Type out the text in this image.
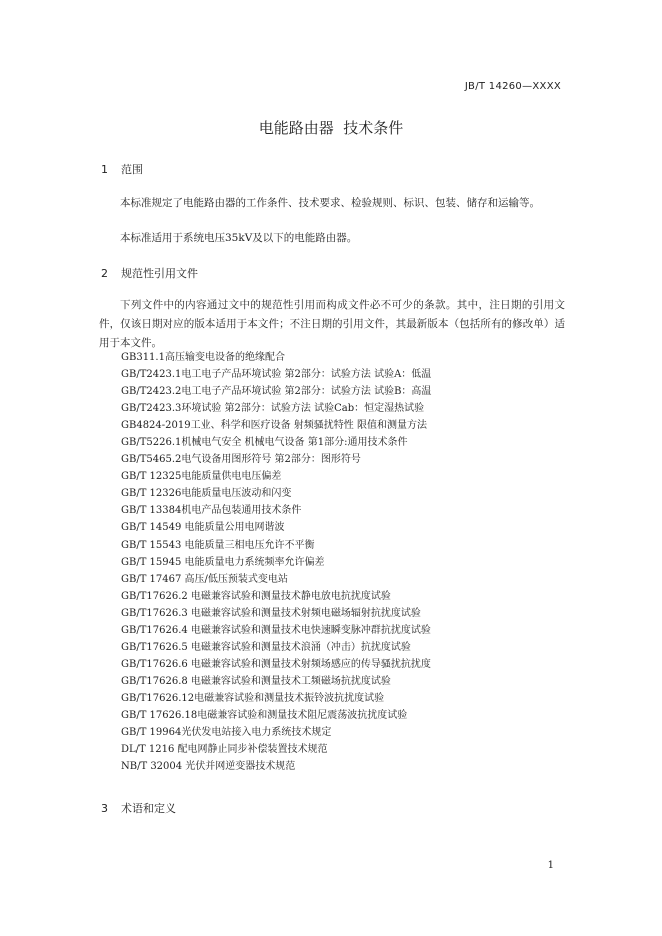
JB/T 14260—XXXX
电能路由器  技术条件
1 范围

本标准规定了电能路由器的工作条件、技术要求、检验规则、标识、包装、储存和运输等。

本标准适用于系统电压35kV及以下的电能路由器。

2 规范性引用文件

下列文件中的内容通过文中的规范性引用而构成文件必不可少的条款。其中，注日期的引用文件，仅该日期对应的版本适用于本文件；不注日期的引用文件，其最新版本（包括所有的修改单）适用于本文件。

GB311.1高压输变电设备的绝缘配合
GB/T2423.1电工电子产品环境试验 第2部分：试验方法 试验A：低温
GB/T2423.2电工电子产品环境试验 第2部分：试验方法 试验B：高温
GB/T2423.3环境试验 第2部分：试验方法 试验Cab：恒定湿热试验
GB4824-2019工业、科学和医疗设备 射频骚扰特性 限值和测量方法
GB/T5226.1机械电气安全 机械电气设备 第1部分:通用技术条件
GB/T5465.2电气设备用图形符号 第2部分：图形符号
GB/T 12325电能质量供电电压偏差
GB/T 12326电能质量电压波动和闪变
GB/T 13384机电产品包装通用技术条件
GB/T 14549 电能质量公用电网谐波
GB/T 15543 电能质量三相电压允许不平衡
GB/T 15945 电能质量电力系统频率允许偏差
GB/T 17467 高压/低压预装式变电站
GB/T17626.2 电磁兼容试验和测量技术静电放电抗扰度试验
GB/T17626.3 电磁兼容试验和测量技术射频电磁场辐射抗扰度试验
GB/T17626.4 电磁兼容试验和测量技术电快速瞬变脉冲群抗扰度试验
GB/T17626.5 电磁兼容试验和测量技术浪涌（冲击）抗扰度试验
GB/T17626.6 电磁兼容试验和测量技术射频场感应的传导骚扰抗扰度
GB/T17626.8 电磁兼容试验和测量技术工频磁场抗扰度试验
GB/T17626.12电磁兼容试验和测量技术振铃波抗扰度试验
GB/T 17626.18电磁兼容试验和测量技术阻尼震荡波抗扰度试验
GB/T 19964光伏发电站接入电力系统技术规定
DL/T 1216 配电网静止同步补偿装置技术规范
NB/T 32004 光伏并网逆变器技术规范
3 术语和定义
1
